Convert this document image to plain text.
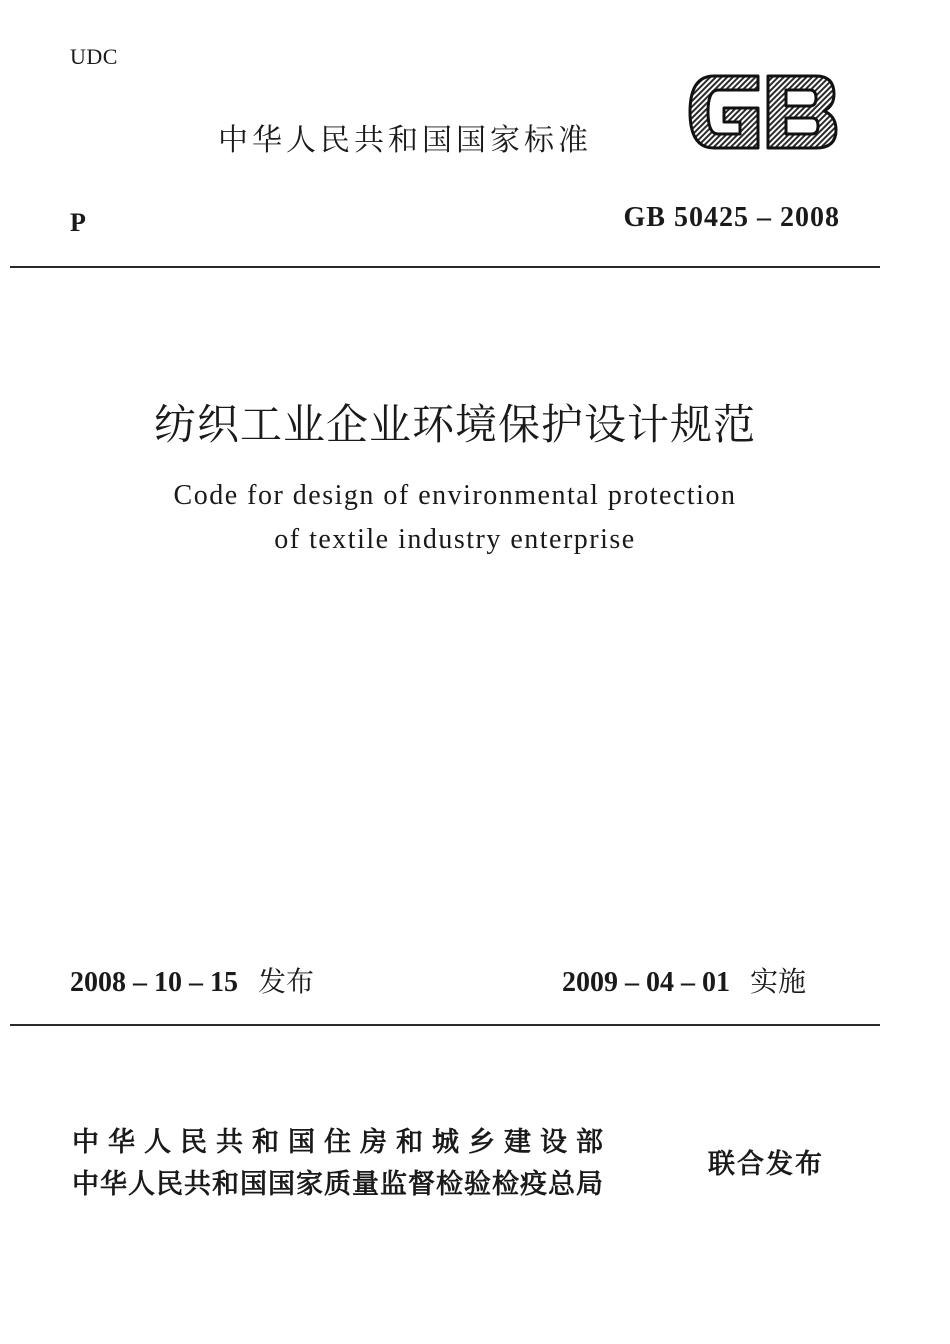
UDC
中华人民共和国国家标准
P	GB 50425 – 2008
纺织工业企业环境保护设计规范
Code for design of environmental protection
of textile industry enterprise
2008 – 10 – 15 发布	2009 – 04 – 01 实施
中华人民共和国住房和城乡建设部
中华人民共和国国家质量监督检验检疫总局
联合发布
